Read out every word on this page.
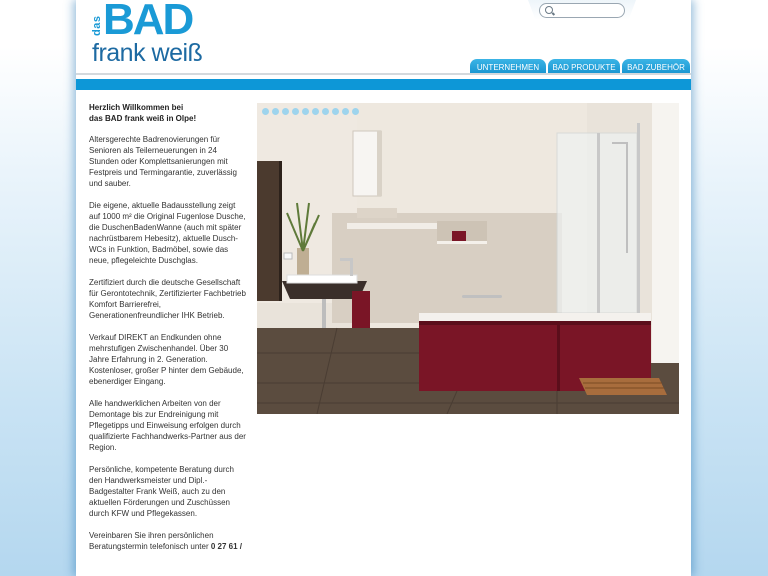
das BAD
frank weiß
UNTERNEHMEN	BAD PRODUKTE	BAD ZUBEHÖR
Herzlich Willkommen bei
das BAD frank weiß in Olpe!

Altersgerechte Badrenovierungen für Senioren als Teilerneuerungen in 24 Stunden oder Komplettsanierungen mit Festpreis und Termingarantie, zuverlässig und sauber.

Die eigene, aktuelle Badausstellung zeigt auf 1000 m² die Original Fugenlose Dusche, die DuschenBadenWanne (auch mit später nachrüstbarem Hebesitz), aktuelle Dusch-WCs in Funktion, Badmöbel, sowie das neue, pflegeleichte Duschglas.

Zertifiziert durch die deutsche Gesellschaft für Gerontotechnik, Zertifizierter Fachbetrieb Komfort Barrierefrei, Generationenfreundlicher IHK Betrieb.

Verkauf DIREKT an Endkunden ohne mehrstufigen Zwischenhandel. Über 30 Jahre Erfahrung in 2. Generation. Kostenloser, großer P hinter dem Gebäude, ebenerdiger Eingang.

Alle handwerklichen Arbeiten von der Demontage bis zur Endreinigung mit Pflegetipps und Einweisung erfolgen durch qualifizierte Fachhandwerks-Partner aus der Region.

Persönliche, kompetente Beratung durch den Handwerksmeister und Dipl.-Badgestalter Frank Weiß, auch zu den aktuellen Förderungen und Zuschüssen durch KFW und Pflegekassen.

Vereinbaren Sie ihren persönlichen Beratungstermin telefonisch unter 0 27 61 /
